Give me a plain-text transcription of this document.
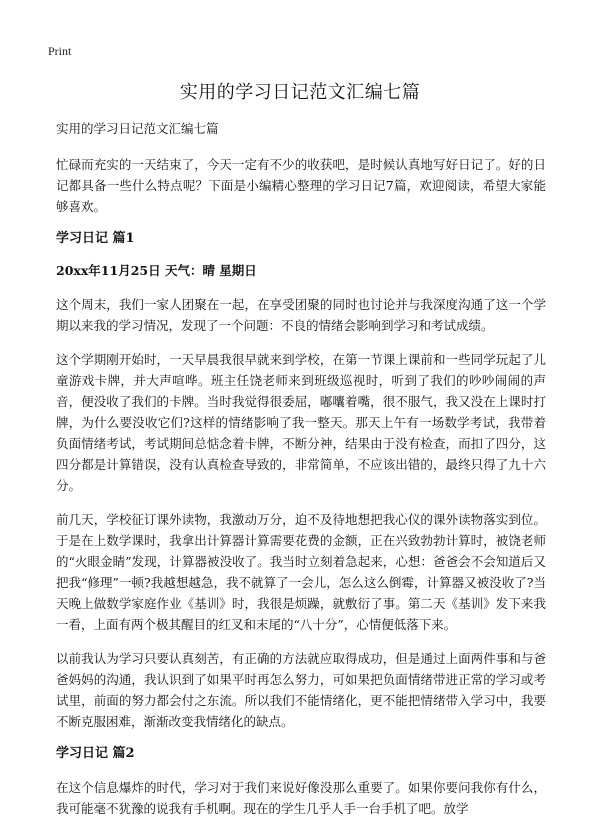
Print
实用的学习日记范文汇编七篇
实用的学习日记范文汇编七篇

忙碌而充实的一天结束了，今天一定有不少的收获吧，是时候认真地写好日记了。好的日记都具备一些什么特点呢？下面是小编精心整理的学习日记7篇，欢迎阅读，希望大家能够喜欢。

学习日记 篇1
20xx年11月25日 天气：晴 星期日

这个周末，我们一家人团聚在一起，在享受团聚的同时也讨论并与我深度沟通了这一个学期以来我的学习情况，发现了一个问题：不良的情绪会影响到学习和考试成绩。

这个学期刚开始时，一天早晨我很早就来到学校，在第一节课上课前和一些同学玩起了儿童游戏卡牌，并大声喧哗。班主任饶老师来到班级巡视时，听到了我们的吵吵闹闹的声音，便没收了我们的卡牌。当时我觉得很委屈，嘟囔着嘴，很不服气，我又没在上课时打牌，为什么要没收它们?这样的情绪影响了我一整天。那天上午有一场数学考试，我带着负面情绪考试，考试期间总惦念着卡牌，不断分神，结果由于没有检查，而扣了四分，这四分都是计算错误，没有认真检查导致的，非常简单，不应该出错的，最终只得了九十六分。

前几天，学校征订课外读物，我激动万分，迫不及待地想把我心仪的课外读物落实到位。于是在上数学课时，我拿出计算器计算需要花费的金额，正在兴致勃勃计算时，被饶老师的“火眼金睛”发现，计算器被没收了。我当时立刻着急起来，心想：爸爸会不会知道后又把我“修理”一顿?我越想越急，我不就算了一会儿，怎么这么倒霉，计算器又被没收了?当天晚上做数学家庭作业《基训》时，我很是烦躁，就敷衍了事。第二天《基训》发下来我一看，上面有两个极其醒目的红叉和末尾的“八十分”，心情便低落下来。

以前我认为学习只要认真刻苦，有正确的方法就应取得成功，但是通过上面两件事和与爸爸妈妈的沟通，我认识到了如果平时再怎么努力，可如果把负面情绪带进正常的学习或考试里，前面的努力都会付之东流。所以我们不能情绪化，更不能把情绪带入学习中，我要不断克服困难，渐渐改变我情绪化的缺点。

学习日记 篇2

在这个信息爆炸的时代，学习对于我们来说好像没那么重要了。如果你要问我你有什么，我可能毫不犹豫的说我有手机啊。现在的学生几乎人手一台手机了吧。放学
